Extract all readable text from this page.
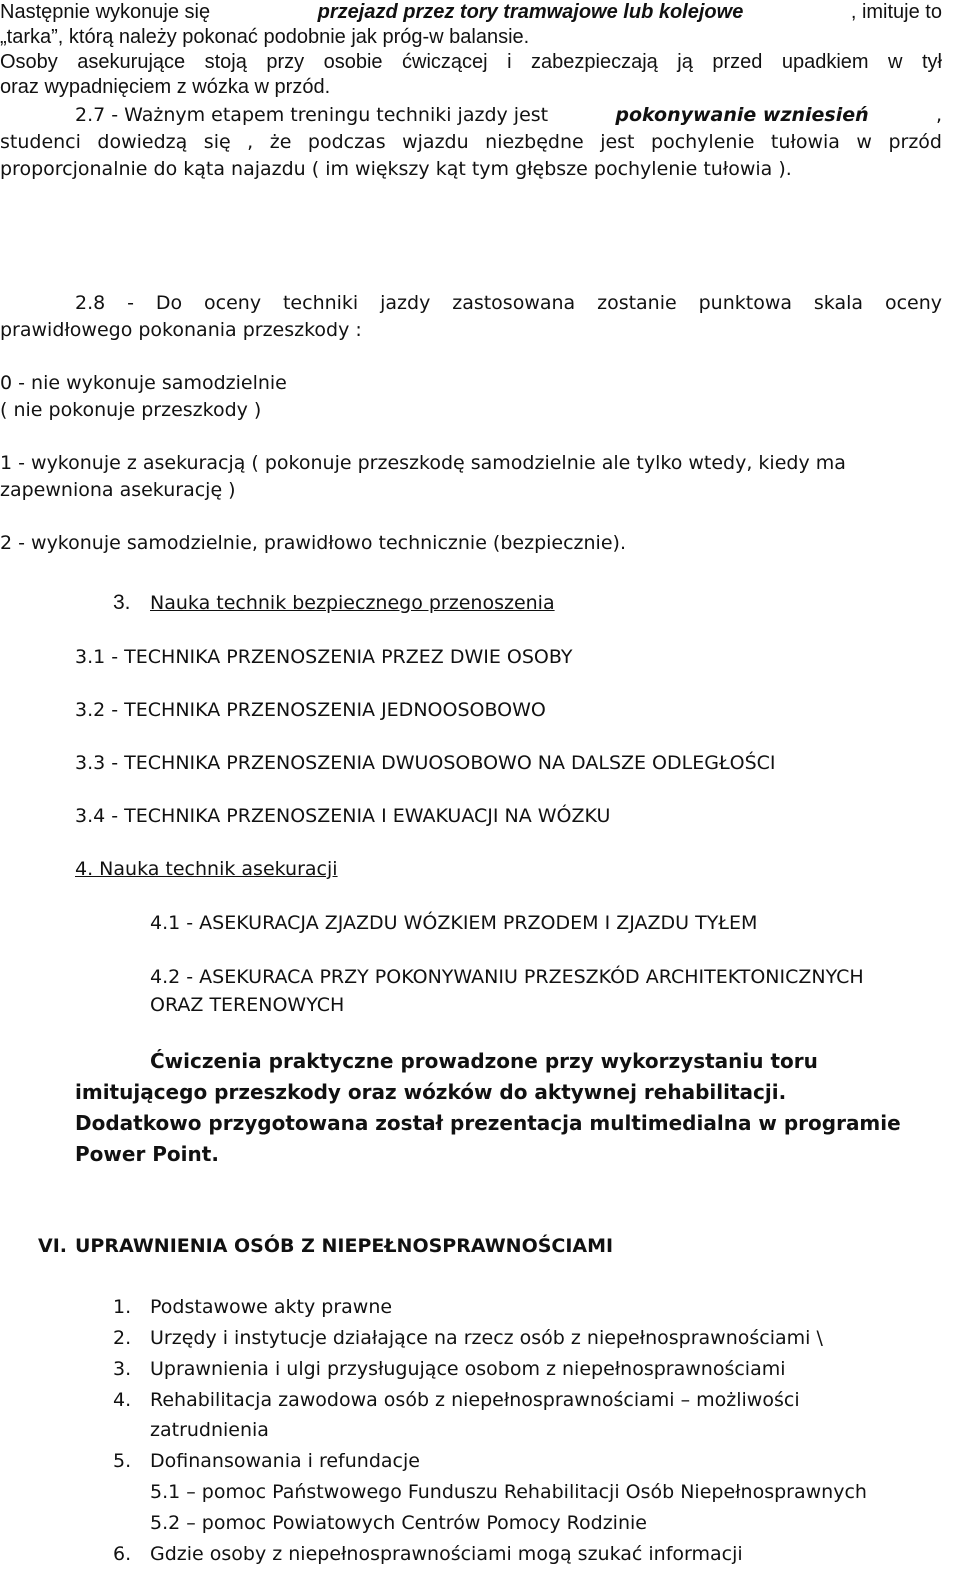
Następnie wykonuje się	przejazd przez tory tramwajowe lub kolejowe	, imituje to
„tarka”, którą należy pokonać podobnie jak próg-w balansie.
Osoby asekurujące stoją przy osobie ćwiczącej i zabezpieczają ją przed upadkiem w tył
oraz wypadnięciem z wózka w przód.
2.7 - Ważnym etapem treningu techniki jazdy jest	pokonywanie wzniesień	,
studenci dowiedzą się , że podczas wjazdu niezbędne jest pochylenie tułowia w przód
proporcjonalnie do kąta najazdu ( im większy kąt tym głębsze pochylenie tułowia ).
2.8 - Do oceny techniki jazdy zastosowana zostanie punktowa skala oceny
prawidłowego pokonania przeszkody :
0 - nie wykonuje samodzielnie
( nie pokonuje przeszkody )
1 - wykonuje z asekuracją ( pokonuje przeszkodę samodzielnie ale tylko wtedy, kiedy ma
zapewniona asekurację )
2 - wykonuje samodzielnie, prawidłowo technicznie (bezpiecznie).
3. Nauka technik bezpiecznego przenoszenia
3.1 - TECHNIKA PRZENOSZENIA PRZEZ DWIE OSOBY
3.2 - TECHNIKA PRZENOSZENIA JEDNOOSOBOWO
3.3 - TECHNIKA PRZENOSZENIA DWUOSOBOWO NA DALSZE ODLEGŁOŚCI
3.4 - TECHNIKA PRZENOSZENIA I EWAKUACJI NA WÓZKU
4. Nauka technik asekuracji
4.1 - ASEKURACJA ZJAZDU WÓZKIEM PRZODEM I ZJAZDU TYŁEM
4.2 - ASEKURACA PRZY POKONYWANIU PRZESZKÓD ARCHITEKTONICZNYCH
ORAZ TERENOWYCH
Ćwiczenia praktyczne prowadzone przy wykorzystaniu toru
imitującego przeszkody oraz wózków do aktywnej rehabilitacji.
Dodatkowo przygotowana został prezentacja multimedialna w programie
Power Point.
VI. UPRAWNIENIA OSÓB Z NIEPEŁNOSPRAWNOŚCIAMI
1. Podstawowe akty prawne
2. Urzędy i instytucje działające na rzecz osób z niepełnosprawnościami \
3. Uprawnienia i ulgi przysługujące osobom z niepełnosprawnościami
4. Rehabilitacja zawodowa osób z niepełnosprawnościami – możliwości
zatrudnienia
5. Dofinansowania i refundacje
5.1 – pomoc Państwowego Funduszu Rehabilitacji Osób Niepełnosprawnych
5.2 – pomoc Powiatowych Centrów Pomocy Rodzinie
6. Gdzie osoby z niepełnosprawnościami mogą szukać informacji
